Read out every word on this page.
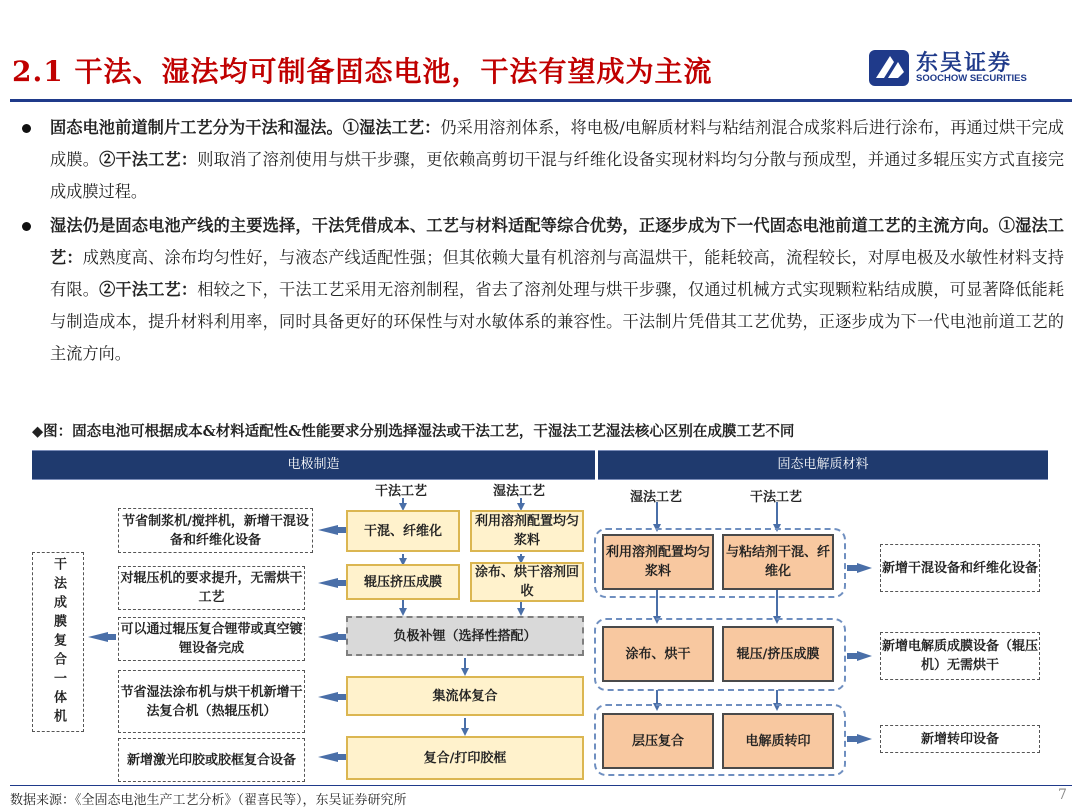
2.1 干法、湿法均可制备固态电池，干法有望成为主流	东吴证券
SOOCHOW SECURITIES
固态电池前道制片工艺分为干法和湿法。①湿法工艺：仍采用溶剂体系，将电极/电解质材料与粘结剂混合成浆料后进行涂布，再通过烘干完成成膜。②干法工艺：则取消了溶剂使用与烘干步骤，更依赖高剪切干混与纤维化设备实现材料均匀分散与预成型，并通过多辊压实方式直接完成成膜过程。
湿法仍是固态电池产线的主要选择，干法凭借成本、工艺与材料适配等综合优势，正逐步成为下一代固态电池前道工艺的主流方向。①湿法工艺：成熟度高、涂布均匀性好，与液态产线适配性强；但其依赖大量有机溶剂与高温烘干，能耗较高，流程较长，对厚电极及水敏性材料支持有限。②干法工艺：相较之下，干法工艺采用无溶剂制程，省去了溶剂处理与烘干步骤，仅通过机械方式实现颗粒粘结成膜，可显著降低能耗与制造成本，提升材料利用率，同时具备更好的环保性与对水敏体系的兼容性。干法制片凭借其工艺优势，正逐步成为下一代电池前道工艺的主流方向。
◆图：固态电池可根据成本&材料适配性&性能要求分别选择湿法或干法工艺，干湿法工艺湿法核心区别在成膜工艺不同
电极制造	固态电解质材料
干法成膜复合一体机
节省制浆机/搅拌机，新增干混设备和纤维化设备
对辊压机的要求提升，无需烘干工艺
可以通过辊压复合锂带或真空镀锂设备完成
节省湿法涂布机与烘干机新增干法复合机（热辊压机）
新增激光印胶或胶框复合设备
干法工艺	湿法工艺
干混、纤维化
利用溶剂配置均匀浆料
辊压挤压成膜
涂布、烘干溶剂回收
负极补锂（选择性搭配）
集流体复合
复合/打印胶框
湿法工艺	干法工艺
利用溶剂配置均匀浆料
与粘结剂干混、纤维化
涂布、烘干	辊压/挤压成膜
层压复合	电解质转印
新增干混设备和纤维化设备
新增电解质成膜设备（辊压机）无需烘干
新增转印设备
数据来源：《全固态电池生产工艺分析》（翟喜民等），东吴证券研究所	7
